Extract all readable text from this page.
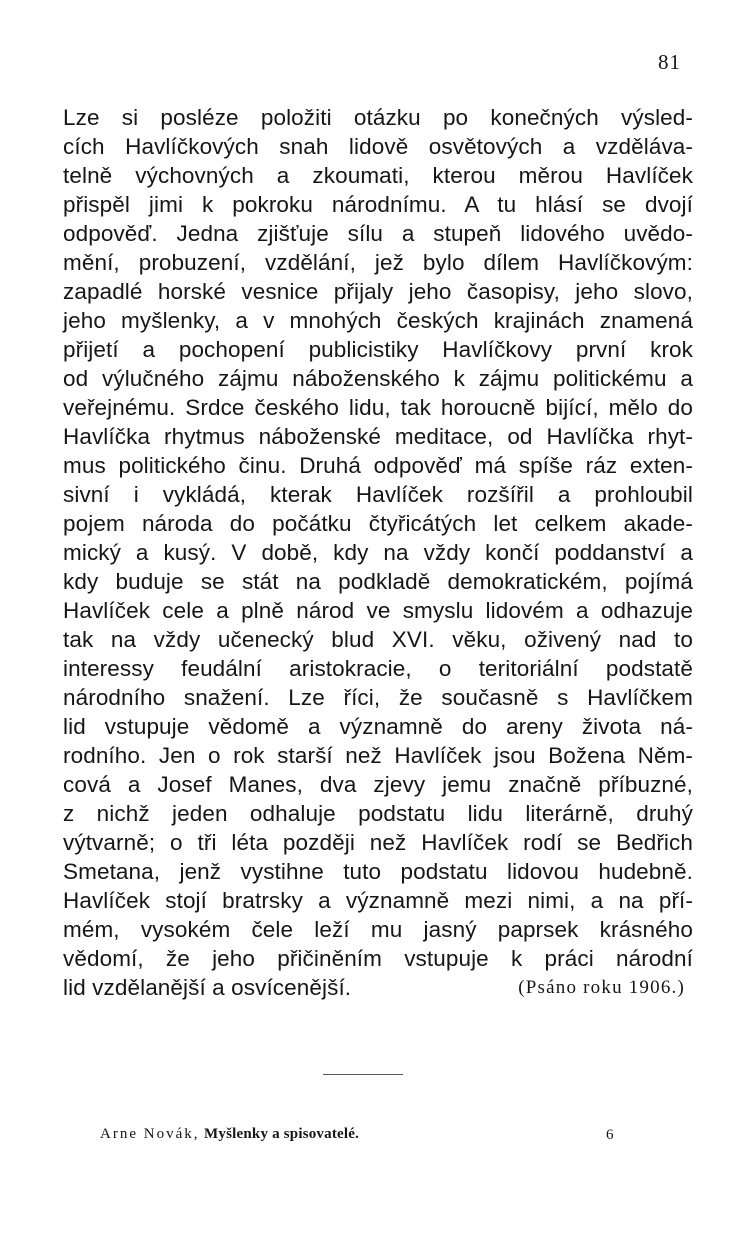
81
Lze si posléze položiti otázku po konečných výsled-
cích Havlíčkových snah lidově osvětových a vzděláva-
telně výchovných a zkoumati, kterou měrou Havlíček
přispěl jimi k pokroku národnímu. A tu hlásí se dvojí
odpověď. Jedna zjišťuje sílu a stupeň lidového uvědo-
mění, probuzení, vzdělání, jež bylo dílem Havlíčkovým:
zapadlé horské vesnice přijaly jeho časopisy, jeho slovo,
jeho myšlenky, a v mnohých českých krajinách znamená
přijetí a pochopení publicistiky Havlíčkovy první krok
od výlučného zájmu náboženského k zájmu politickému a
veřejnému. Srdce českého lidu, tak horoucně bijící, mělo do
Havlíčka rhytmus náboženské meditace, od Havlíčka rhyt-
mus politického činu. Druhá odpověď má spíše ráz exten-
sivní i vykládá, kterak Havlíček rozšířil a prohloubil
pojem národa do počátku čtyřicátých let celkem akade-
mický a kusý. V době, kdy na vždy končí poddanství a
kdy buduje se stát na podkladě demokratickém, pojímá
Havlíček cele a plně národ ve smyslu lidovém a odhazuje
tak na vždy učenecký blud XVI. věku, oživený nad to
interessy feudální aristokracie, o teritoriální podstatě
národního snažení. Lze říci, že současně s Havlíčkem
lid vstupuje vědomě a významně do areny života ná-
rodního. Jen o rok starší než Havlíček jsou Božena Něm-
cová a Josef Manes, dva zjevy jemu značně příbuzné,
z nichž jeden odhaluje podstatu lidu literárně, druhý
výtvarně; o tři léta později než Havlíček rodí se Bedřich
Smetana, jenž vystihne tuto podstatu lidovou hudebně.
Havlíček stojí bratrsky a významně mezi nimi, a na pří-
mém, vysokém čele leží mu jasný paprsek krásného
vědomí, že jeho přičiněním vstupuje k práci národní
lid vzdělanější a osvícenější.	(Psáno roku 1906.)
Arne Novák, Myšlenky a spisovatelé.	6
